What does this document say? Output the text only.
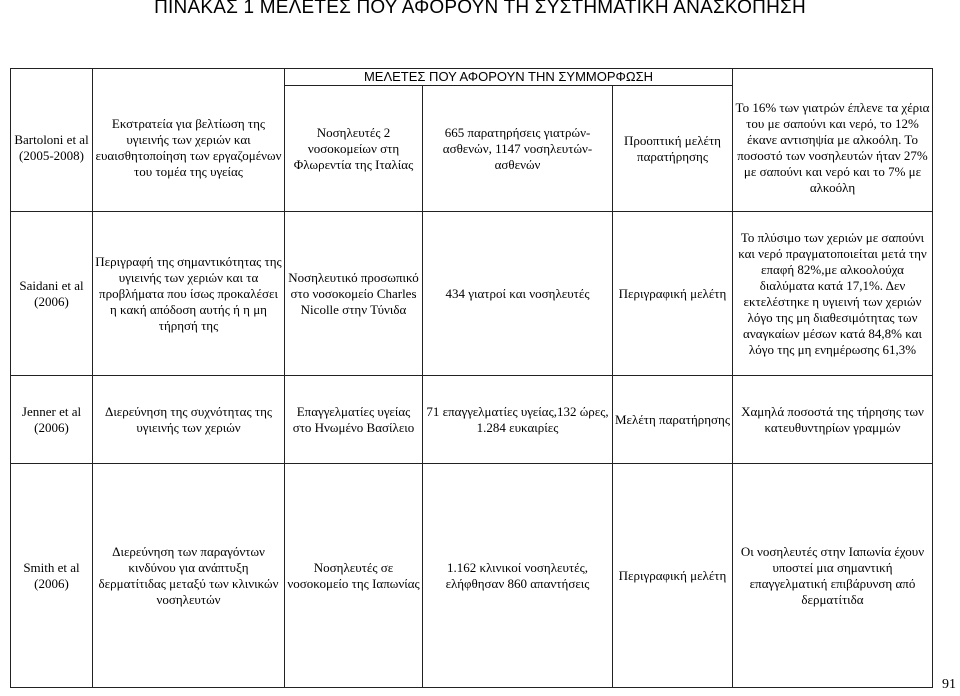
ΠΙΝΑΚΑΣ 1 ΜΕΛΕΤΕΣ ΠΟΥ ΑΦΟΡΟΥΝ ΤΗ ΣΥΣΤΗΜΑΤΙΚΗ ΑΝΑΣΚΟΠΗΣΗ
		ΜΕΛΕΤΕΣ ΠΟΥ ΑΦΟΡΟΥΝ ΤΗΝ ΣΥΜΜΟΡΦΩΣΗ			
Bartoloni et al (2005-2008)	Εκστρατεία για βελτίωση της υγιεινής των χεριών και ευαισθητοποίηση των εργαζομένων του τομέα της υγείας	Νοσηλευτές 2 νοσοκομείων στη Φλωρεντία της Ιταλίας	665 παρατηρήσεις γιατρών-ασθενών, 1147 νοσηλευτών-ασθενών	Προοπτική μελέτη παρατήρησης	Το 16% των γιατρών έπλενε τα χέρια του με σαπούνι και νερό, το 12% έκανε αντισηψία με αλκοόλη. Το ποσοστό των νοσηλευτών ήταν 27% με σαπούνι και νερό και το 7% με αλκοόλη
Saidani et al (2006)	Περιγραφή της σημαντικότητας της υγιεινής των χεριών και τα προβλήματα που ίσως προκαλέσει η κακή απόδοση αυτής ή η μη τήρησή της	Νοσηλευτικό προσωπικό στο νοσοκομείο Charles Nicolle στην Τύνιδα	434 γιατροί και νοσηλευτές	Περιγραφική μελέτη	Το πλύσιμο των χεριών με σαπούνι και νερό πραγματοποιείται μετά την επαφή 82%,με αλκοολούχα διαλύματα κατά 17,1%. Δεν εκτελέστηκε η υγιεινή των χεριών λόγο της μη διαθεσιμότητας των αναγκαίων μέσων κατά 84,8% και λόγο της μη ενημέρωσης 61,3%
Jenner et al (2006)	Διερεύνηση της συχνότητας της υγιεινής των χεριών	Επαγγελματίες υγείας στο Ηνωμένο Βασίλειο	71 επαγγελματίες υγείας,132 ώρες, 1.284 ευκαιρίες	Μελέτη παρατήρησης	Χαμηλά ποσοστά της τήρησης των κατευθυντηρίων γραμμών
Smith et al (2006)	Διερεύνηση των παραγόντων κινδύνου για ανάπτυξη δερματίτιδας μεταξύ των κλινικών νοσηλευτών	Νοσηλευτές σε νοσοκομείο της Ιαπωνίας	1.162 κλινικοί νοσηλευτές, ελήφθησαν 860 απαντήσεις	Περιγραφική μελέτη	Οι νοσηλευτές στην Ιαπωνία έχουν υποστεί μια σημαντική επαγγελματική επιβάρυνση από δερματίτιδα
91
